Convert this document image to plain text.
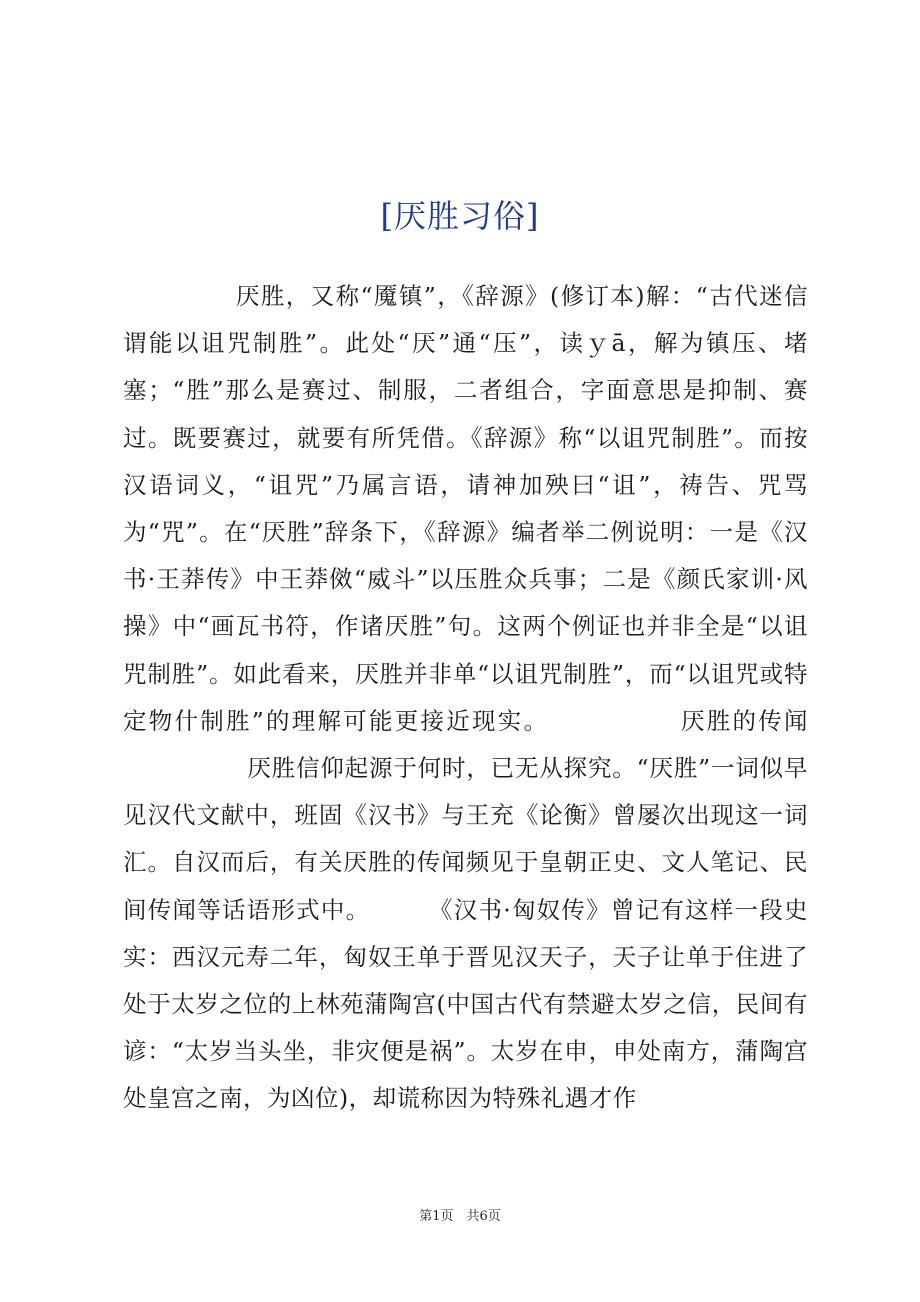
[厌胜习俗]

厌胜，又称“魇镇”，《辞源》(修订本)解：“古代迷信谓能以诅咒制胜”。此处“厌”通“压”，读ｙā，解为镇压、堵塞；“胜”那么是赛过、制服，二者组合，字面意思是抑制、赛过。既要赛过，就要有所凭借。《辞源》称“以诅咒制胜”。而按汉语词义，“诅咒”乃属言语，请神加殃曰“诅”，祷告、咒骂为“咒”。在“厌胜”辞条下，《辞源》编者举二例说明：一是《汉书·王莽传》中王莽傚“威斗”以压胜众兵事；二是《颜氏家训·风操》中“画瓦书符，作诸厌胜”句。这两个例证也并非全是“以诅咒制胜”。如此看来，厌胜并非单“以诅咒制胜”，而“以诅咒或特定物什制胜”的理解可能更接近现实。	厌胜的传闻厌胜信仰起源于何时，已无从探究。“厌胜”一词似早见汉代文献中，班固《汉书》与王充《论衡》曾屡次出现这一词汇。自汉而后，有关厌胜的传闻频见于皇朝正史、文人笔记、民间传闻等话语形式中。 《汉书·匈奴传》曾记有这样一段史实：西汉元寿二年，匈奴王单于晋见汉天子，天子让单于住进了处于太岁之位的上林苑蒲陶宫(中国古代有禁避太岁之信，民间有谚：“太岁当头坐，非灾便是祸”。太岁在申，申处南方，蒲陶宫处皇宫之南，为凶位)，却谎称因为特殊礼遇才作

第1页　共6页
